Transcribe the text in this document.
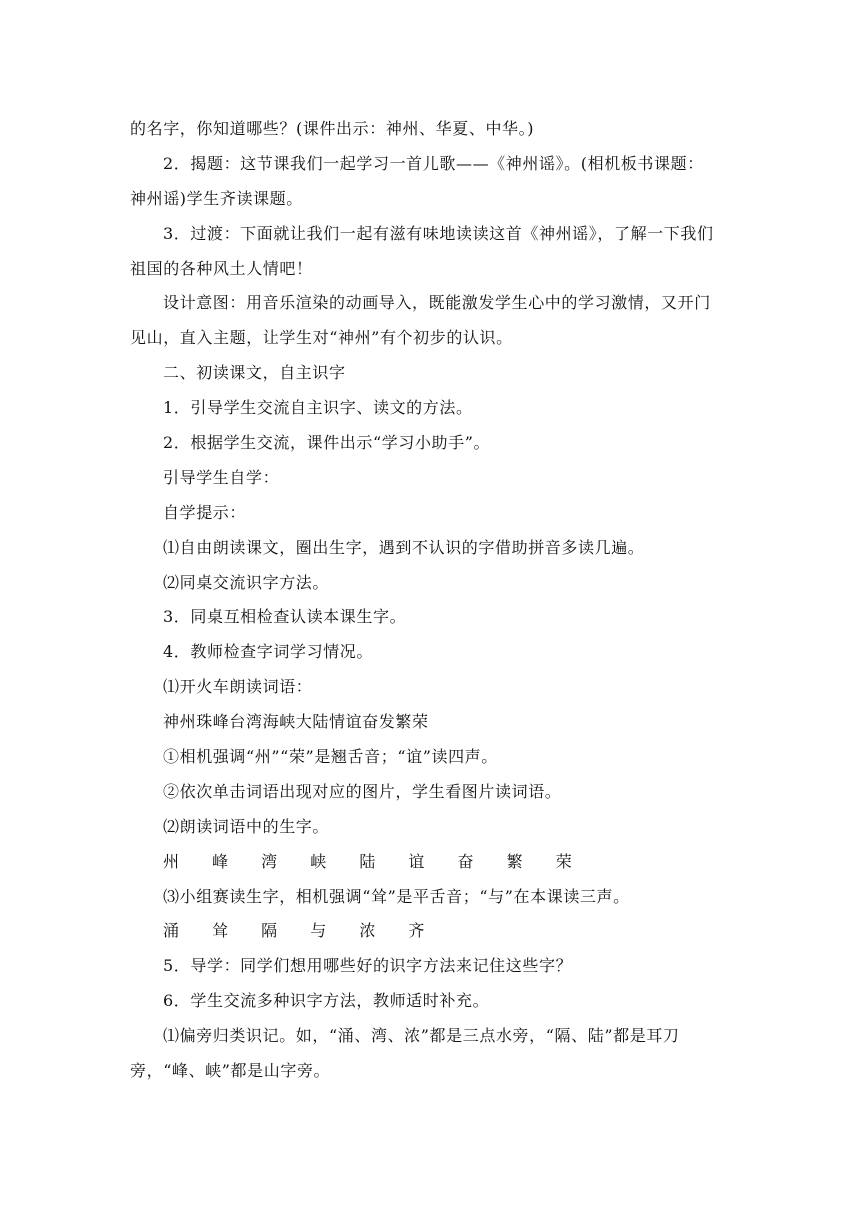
的名字，你知道哪些？(课件出示：神州、华夏、中华。)
2．揭题：这节课我们一起学习一首儿歌——《神州谣》。(相机板书课题：
神州谣)学生齐读课题。
3．过渡：下面就让我们一起有滋有味地读读这首《神州谣》，了解一下我们
祖国的各种风土人情吧！
设计意图：用音乐渲染的动画导入，既能激发学生心中的学习激情，又开门
见山，直入主题，让学生对“神州”有个初步的认识。
二、初读课文，自主识字
1．引导学生交流自主识字、读文的方法。
2．根据学生交流，课件出示“学习小助手”。
引导学生自学：
自学提示：
⑴自由朗读课文，圈出生字，遇到不认识的字借助拼音多读几遍。
⑵同桌交流识字方法。
3．同桌互相检查认读本课生字。
4．教师检查字词学习情况。
⑴开火车朗读词语：
神州珠峰台湾海峡大陆情谊奋发繁荣
①相机强调“州”“荣”是翘舌音；“谊”读四声。
②依次单击词语出现对应的图片，学生看图片读词语。
⑵朗读词语中的生字。
州 峰 湾 峡 陆 谊 奋 繁 荣
⑶小组赛读生字，相机强调“耸”是平舌音；“与”在本课读三声。
涌 耸 隔 与 浓 齐
5．导学：同学们想用哪些好的识字方法来记住这些字？
6．学生交流多种识字方法，教师适时补充。
⑴偏旁归类识记。如，“涌、湾、浓”都是三点水旁，“隔、陆”都是耳刀
旁，“峰、峡”都是山字旁。
